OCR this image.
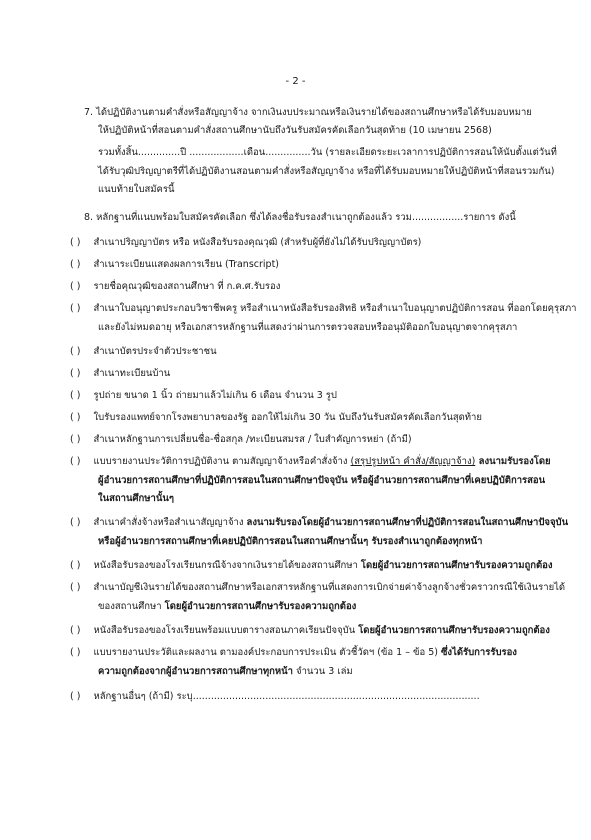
- 2 -
7. ได้ปฏิบัติงานตามคำสั่งหรือสัญญาจ้าง จากเงินงบประมาณหรือเงินรายได้ของสถานศึกษาหรือได้รับมอบหมาย
ให้ปฏิบัติหน้าที่สอนตามคำสั่งสถานศึกษานับถึงวันรับสมัครคัดเลือกวันสุดท้าย (10 เมษายน 2568)
รวมทั้งสิ้น..............ปี ..................เดือน...............วัน (รายละเอียดระยะเวลาการปฏิบัติการสอนให้นับตั้งแต่วันที่
ได้รับวุฒิปริญญาตรีที่ได้ปฏิบัติงานสอนตามคำสั่งหรือสัญญาจ้าง หรือที่ได้รับมอบหมายให้ปฏิบัติหน้าที่สอนรวมกัน)
แนบท้ายใบสมัครนี้
8. หลักฐานที่แนบพร้อมใบสมัครคัดเลือก ซึ่งได้ลงชื่อรับรองสำเนาถูกต้องแล้ว รวม.................รายการ ดังนี้
( ) สำเนาปริญญาบัตร หรือ หนังสือรับรองคุณวุฒิ (สำหรับผู้ที่ยังไม่ได้รับปริญญาบัตร)
( ) สำเนาระเบียนแสดงผลการเรียน (Transcript)
( ) รายชื่อคุณวุฒิของสถานศึกษา ที่ ก.ค.ศ.รับรอง
( ) สำเนาใบอนุญาตประกอบวิชาชีพครู หรือสำเนาหนังสือรับรองสิทธิ หรือสำเนาใบอนุญาตปฏิบัติการสอน ที่ออกโดยคุรุสภา
และยังไม่หมดอายุ หรือเอกสารหลักฐานที่แสดงว่าผ่านการตรวจสอบหรืออนุมัติออกใบอนุญาตจากคุรุสภา
( ) สำเนาบัตรประจำตัวประชาชน
( ) สำเนาทะเบียนบ้าน
( ) รูปถ่าย ขนาด 1 นิ้ว ถ่ายมาแล้วไม่เกิน 6 เดือน จำนวน 3 รูป
( ) ใบรับรองแพทย์จากโรงพยาบาลของรัฐ ออกให้ไม่เกิน 30 วัน นับถึงวันรับสมัครคัดเลือกวันสุดท้าย
( ) สำเนาหลักฐานการเปลี่ยนชื่อ-ชื่อสกุล /ทะเบียนสมรส / ใบสำคัญการหย่า (ถ้ามี)
( ) แบบรายงานประวัติการปฏิบัติงาน ตามสัญญาจ้างหรือคำสั่งจ้าง (สรุปรูปหน้า คำสั่ง/สัญญาจ้าง) ลงนามรับรองโดย
ผู้อำนวยการสถานศึกษาที่ปฏิบัติการสอนในสถานศึกษาปัจจุบัน หรือผู้อำนวยการสถานศึกษาที่เคยปฏิบัติการสอน
ในสถานศึกษานั้นๆ
( ) สำเนาคำสั่งจ้างหรือสำเนาสัญญาจ้าง ลงนามรับรองโดยผู้อำนวยการสถานศึกษาที่ปฏิบัติการสอนในสถานศึกษาปัจจุบัน
หรือผู้อำนวยการสถานศึกษาที่เคยปฏิบัติการสอนในสถานศึกษานั้นๆ รับรองสำเนาถูกต้องทุกหน้า
( ) หนังสือรับรองของโรงเรียนกรณีจ้างจากเงินรายได้ของสถานศึกษา โดยผู้อำนวยการสถานศึกษารับรองความถูกต้อง
( ) สำเนาบัญชีเงินรายได้ของสถานศึกษาหรือเอกสารหลักฐานที่แสดงการเบิกจ่ายค่าจ้างลูกจ้างชั่วคราวกรณีใช้เงินรายได้
ของสถานศึกษา โดยผู้อำนวยการสถานศึกษารับรองความถูกต้อง
( ) หนังสือรับรองของโรงเรียนพร้อมแบบตารางสอนภาคเรียนปัจจุบัน โดยผู้อำนวยการสถานศึกษารับรองความถูกต้อง
( ) แบบรายงานประวัติและผลงาน ตามองค์ประกอบการประเมิน ตัวชี้วัดฯ (ข้อ 1 – ข้อ 5) ซึ่งได้รับการรับรอง
ความถูกต้องจากผู้อำนวยการสถานศึกษาทุกหน้า จำนวน 3 เล่ม
( ) หลักฐานอื่นๆ (ถ้ามี) ระบุ...............................................................................................
